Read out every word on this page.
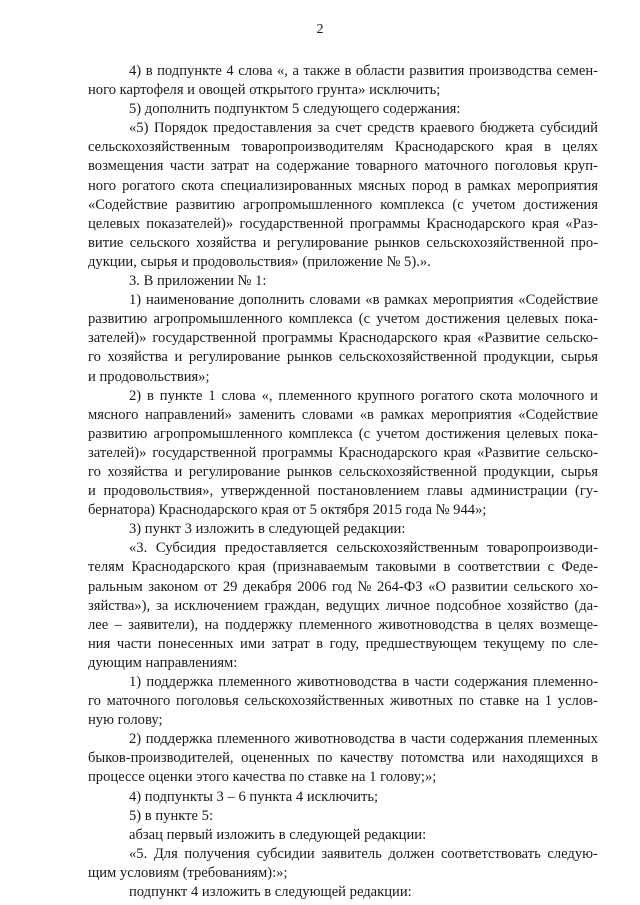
2
4) в подпункте 4 слова «, а также в области развития производства семен-
ного картофеля и овощей открытого грунта» исключить;
5) дополнить подпунктом 5 следующего содержания:
«5) Порядок предоставления за счет средств краевого бюджета субсидий
сельскохозяйственным товаропроизводителям Краснодарского края в целях
возмещения части затрат на содержание товарного маточного поголовья круп-
ного рогатого скота специализированных мясных пород в рамках мероприятия
«Содействие развитию агропромышленного комплекса (с учетом достижения
целевых показателей)» государственной программы Краснодарского края «Раз-
витие сельского хозяйства и регулирование рынков сельскохозяйственной про-
дукции, сырья и продовольствия» (приложение № 5).».
3. В приложении № 1:
1) наименование дополнить словами «в рамках мероприятия «Содействие
развитию агропромышленного комплекса (с учетом достижения целевых пока-
зателей)» государственной программы Краснодарского края «Развитие сельско-
го хозяйства и регулирование рынков сельскохозяйственной продукции, сырья
и продовольствия»;
2) в пункте 1 слова «, племенного крупного рогатого скота молочного и
мясного направлений» заменить словами «в рамках мероприятия «Содействие
развитию агропромышленного комплекса (с учетом достижения целевых пока-
зателей)» государственной программы Краснодарского края «Развитие сельско-
го хозяйства и регулирование рынков сельскохозяйственной продукции, сырья
и продовольствия», утвержденной постановлением главы администрации (гу-
бернатора) Краснодарского края от 5 октября 2015 года № 944»;
3) пункт 3 изложить в следующей редакции:
«3. Субсидия предоставляется сельскохозяйственным товаропроизводи-
телям Краснодарского края (признаваемым таковыми в соответствии с Феде-
ральным законом от 29 декабря 2006 год № 264-ФЗ «О развитии сельского хо-
зяйства»), за исключением граждан, ведущих личное подсобное хозяйство (да-
лее – заявители), на поддержку племенного животноводства в целях возмеще-
ния части понесенных ими затрат в году, предшествующем текущему по сле-
дующим направлениям:
1) поддержка племенного животноводства в части содержания племенно-
го маточного поголовья сельскохозяйственных животных по ставке на 1 услов-
ную голову;
2) поддержка племенного животноводства в части содержания племенных
быков-производителей, оцененных по качеству потомства или находящихся в
процессе оценки этого качества по ставке на 1 голову;»;
4) подпункты 3 – 6 пункта 4 исключить;
5) в пункте 5:
абзац первый изложить в следующей редакции:
«5. Для получения субсидии заявитель должен соответствовать следую-
щим условиям (требованиям):»;
подпункт 4 изложить в следующей редакции:
